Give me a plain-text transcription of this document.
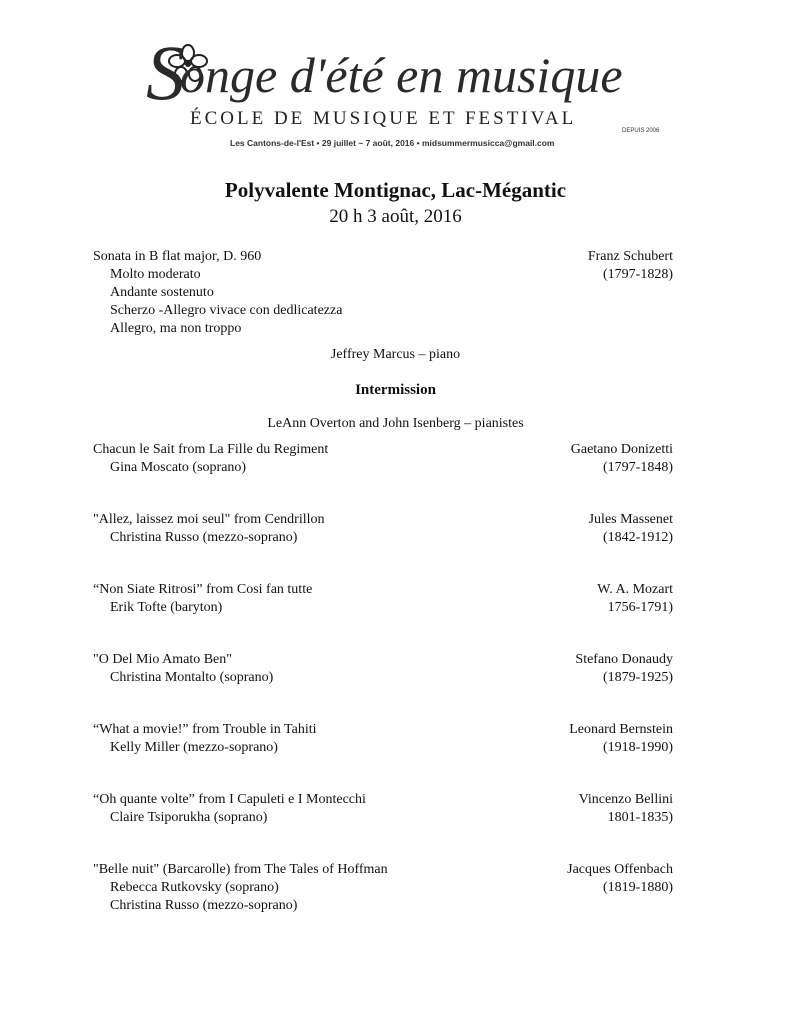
S
onge d'été en musique
ÉCOLE DE MUSIQUE ET FESTIVAL
DEPUIS 2006
Les Cantons-de-l'Est • 29 juillet ~ 7 août, 2016 • midsummermusicca@gmail.com
Polyvalente Montignac, Lac-Mégantic
20 h 3 août, 2016
Sonata in B flat major, D. 960	Franz Schubert
Molto moderato	(1797-1828)
Andante sostenuto
Scherzo -Allegro vivace con dedlicatezza
Allegro, ma non troppo
Jeffrey Marcus – piano
Intermission
LeAnn Overton and John Isenberg – pianistes
Chacun le Sait from La Fille du Regiment	Gaetano Donizetti
Gina Moscato (soprano)	(1797-1848)
"Allez, laissez moi seul" from Cendrillon	Jules Massenet
Christina Russo (mezzo-soprano)	(1842-1912)
“Non Siate Ritrosi” from Cosi fan tutte	W. A. Mozart
Erik Tofte (baryton)	1756-1791)
"O Del Mio Amato Ben"	Stefano Donaudy
Christina Montalto (soprano)	(1879-1925)
“What a movie!” from Trouble in Tahiti	Leonard Bernstein
Kelly Miller (mezzo-soprano)	(1918-1990)
“Oh quante volte” from I Capuleti e I Montecchi	Vincenzo Bellini
Claire Tsiporukha (soprano)	1801-1835)
"Belle nuit" (Barcarolle) from The Tales of Hoffman	Jacques Offenbach
Rebecca Rutkovsky (soprano)	(1819-1880)
Christina Russo (mezzo-soprano)
